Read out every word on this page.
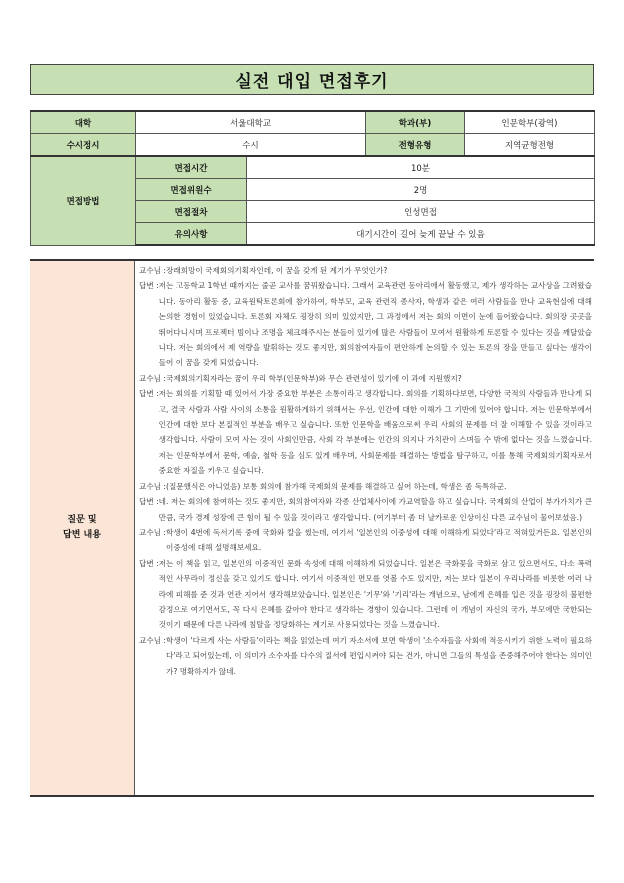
실전 대입 면접후기
대학	서울대학교		학과(부)	인문학부(광역)
수시정시	수시		전형유형	지역균형전형
면접방법	면접시간	10분		
	면접위원수	2명		
	면접절차	인성면접		
	유의사항	대기시간이 길어 늦게 끝날 수 있음		
질문 및
답변 내용
교수님 : 장래희망이 국제회의기획자인데, 이 꿈을 갖게 된 계기가 무엇인가?
답변 : 저는 고등학교 1학년 때까지는 줄곧 교사를 꿈꿔왔습니다. 그래서 교육관련 동아리에서 활동했고, 제가 생각하는 교사상을 그려왔습니다. 동아리 활동 중, 교육원탁토론회에 참가하여, 학부모, 교육 관련직 종사자, 학생과 같은 여러 사람들을 만나 교육현실에 대해 논의한 경험이 있었습니다. 토론회 자체도 굉장히 의미 있었지만, 그 과정에서 저는 회의 이면이 눈에 들어왔습니다. 회의장 곳곳을 뛰어다니시며 프로젝터 빔이나 조명을 체크해주시는 분들이 있기에 많은 사람들이 모여서 원활하게 토론할 수 있다는 것을 깨달았습니다. 저는 회의에서 제 역량을 발휘하는 것도 좋지만, 회의참여자들이 편안하게 논의할 수 있는 토론의 장을 만들고 싶다는 생각이 들어 이 꿈을 갖게 되었습니다.
교수님 : 국제회의기획자라는 꿈이 우리 학부(인문학부)와 무슨 관련성이 있기에 이 과에 지원했지?
답변 : 저는 회의를 기획할 때 있어서 가장 중요한 부분은 소통이라고 생각합니다. 회의를 기획하다보면, 다양한 국적의 사람들과 만나게 되고, 결국 사람과 사람 사이의 소통을 원활하게하기 위해서는 우선, 인간에 대한 이해가 그 기반에 있어야 합니다. 저는 인문학부에서 인간에 대한 보다 본질적인 부분을 배우고 싶습니다. 또한 인문학을 배움으로써 우리 사회의 문제를 더 잘 이해할 수 있을 것이라고 생각합니다. 사람이 모여 사는 것이 사회인만큼, 사회 각 부분에는 인간의 의지나 가치관이 스며들 수 밖에 없다는 것을 느꼈습니다. 저는 인문학부에서 문학, 예술, 철학 등을 심도 있게 배우며, 사회문제를 해결하는 방법을 탐구하고, 이를 통해 국제회의기획자로서 중요한 자질을 키우고 싶습니다.
교수님 : (질문했식은 아니었음) 보통 회의에 참가해 국제회의 문제를 해결하고 싶어 하는데, 학생은 좀 독특하군.
답변 : 네. 저는 회의에 참여하는 것도 좋지만, 회의참여자와 각종 산업체사이에 가교역할을 하고 싶습니다. 국제회의 산업이 부가가치가 큰 만큼, 국가 경제 성장에 큰 힘이 될 수 있을 것이라고 생각합니다. (여기부터 좀 더 날카로운 인상이신 다른 교수님이 물어보셨음.)
교수님 : 학생이 4번에 독서기록 중에 국화와 칼을 썼는데, 여기서 '일본인의 이중성에 대해 이해하게 되었다'라고 적혀있거든요. 일본인의 이중성에 대해 설명해보세요.
답변 : 저는 이 책을 읽고, 일본인의 이중적인 문화 속성에 대해 이해하게 되었습니다. 일본은 국화꽃을 국화로 삼고 있으면서도, 다소 폭력적인 사무라이 정신을 갖고 있기도 합니다. 여기서 이중적인 면모를 엿볼 수도 있지만, 저는 보다 일본이 우리나라를 비롯한 여러 나라에 피해를 준 것과 연관 지어서 생각해보았습니다. 일본인은 '기무'와 '기리'라는 개념으로, 남에게 은혜를 입은 것을 굉장히 불편한 감정으로 여기면서도, 꼭 다시 은혜를 갚아야 한다고 생각하는 경향이 있습니다. 그런데 이 개념이 자신의 국가, 부모에만 국한되는 것이기 때문에 다른 나라에 침탈을 정당화하는 계기로 사용되었다는 것을 느꼈습니다.
교수님 : 학생이 '다르게 사는 사람들'이라는 책을 읽었는데 여기 자소서에 보면 학생이 '소수자들을 사회에 적응시키기 위한 노력이 필요하다'라고 되어있는데, 이 의미가 소수자를 다수의 질서에 편입시켜야 되는 건가, 아니면 그들의 특성을 존중해주어야 한다는 의미인가? 명확하지가 않네.
